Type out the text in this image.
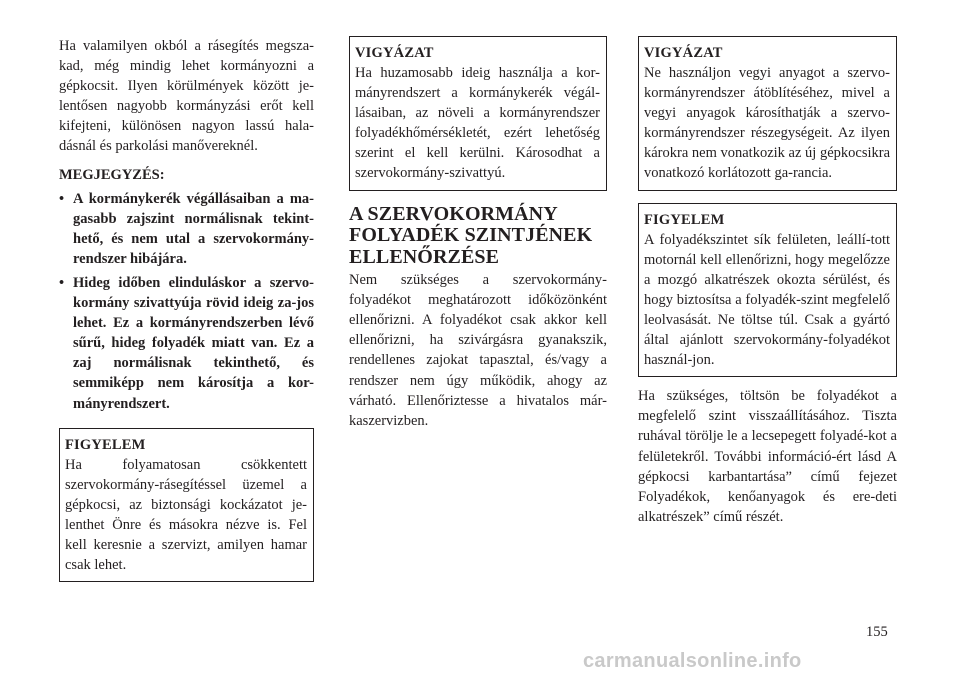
Ha valamilyen okból a rásegítés megsza-kad, még mindig lehet kormányozni a gépkocsit. Ilyen körülmények között je-lentősen nagyobb kormányzási erőt kell kifejteni, különösen nagyon lassú hala-dásnál és parkolási manővereknél.

MEGJEGYZÉS:
• A kormánykerék végállásaiban a ma-gasabb zajszint normálisnak tekint-hető, és nem utal a szervokormány-rendszer hibájára.
• Hideg időben elinduláskor a szervo-kormány szivattyúja rövid ideig za-jos lehet. Ez a kormányrendszerben lévő sűrű, hideg folyadék miatt van. Ez a zaj normálisnak tekinthető, és semmiképp nem károsítja a kor-mányrendszert.
FIGYELEM

Ha folyamatosan csökkentett szervokormány-rásegítéssel üzemel a gépkocsi, az biztonsági kockázatot je-lenthet Önre és másokra nézve is. Fel kell keresnie a szervizt, amilyen hamar csak lehet.

VIGYÁZAT

Ha huzamosabb ideig használja a kor-mányrendszert a kormánykerék végál-lásaiban, az növeli a kormányrendszer folyadékhőmérsékletét, ezért lehetőség szerint el kell kerülni. Károsodhat a szervokormány-szivattyú.

A SZERVOKORMÁNY FOLYADÉK SZINTJÉNEK ELLENŐRZÉSE

Nem szükséges a szervokormány-folyadékot meghatározott időközönként ellenőrizni. A folyadékot csak akkor kell ellenőrizni, ha szivárgásra gyanakszik, rendellenes zajokat tapasztal, és/vagy a rendszer nem úgy működik, ahogy az várható. Ellenőriztesse a hivatalos már-kaszervizben.

VIGYÁZAT

Ne használjon vegyi anyagot a szervo-kormányrendszer átöblítéséhez, mivel a vegyi anyagok károsíthatják a szervo-kormányrendszer részegységeit. Az ilyen károkra nem vonatkozik az új gépkocsikra vonatkozó korlátozott ga-rancia.

FIGYELEM

A folyadékszintet sík felületen, leállí-tott motornál kell ellenőrizni, hogy megelőzze a mozgó alkatrészek okozta sérülést, és hogy biztosítsa a folyadék-szint megfelelő leolvasását. Ne töltse túl. Csak a gyártó által ajánlott szervokormány-folyadékot használ-jon.

Ha szükséges, töltsön be folyadékot a megfelelő szint visszaállításához. Tiszta ruhával törölje le a lecsepegett folyadé-kot a felületekről. További információ-ért lásd A gépkocsi karbantartása” című fejezet Folyadékok, kenőanyagok és ere-deti alkatrészek” című részét.

155
carmanualsonline.info
